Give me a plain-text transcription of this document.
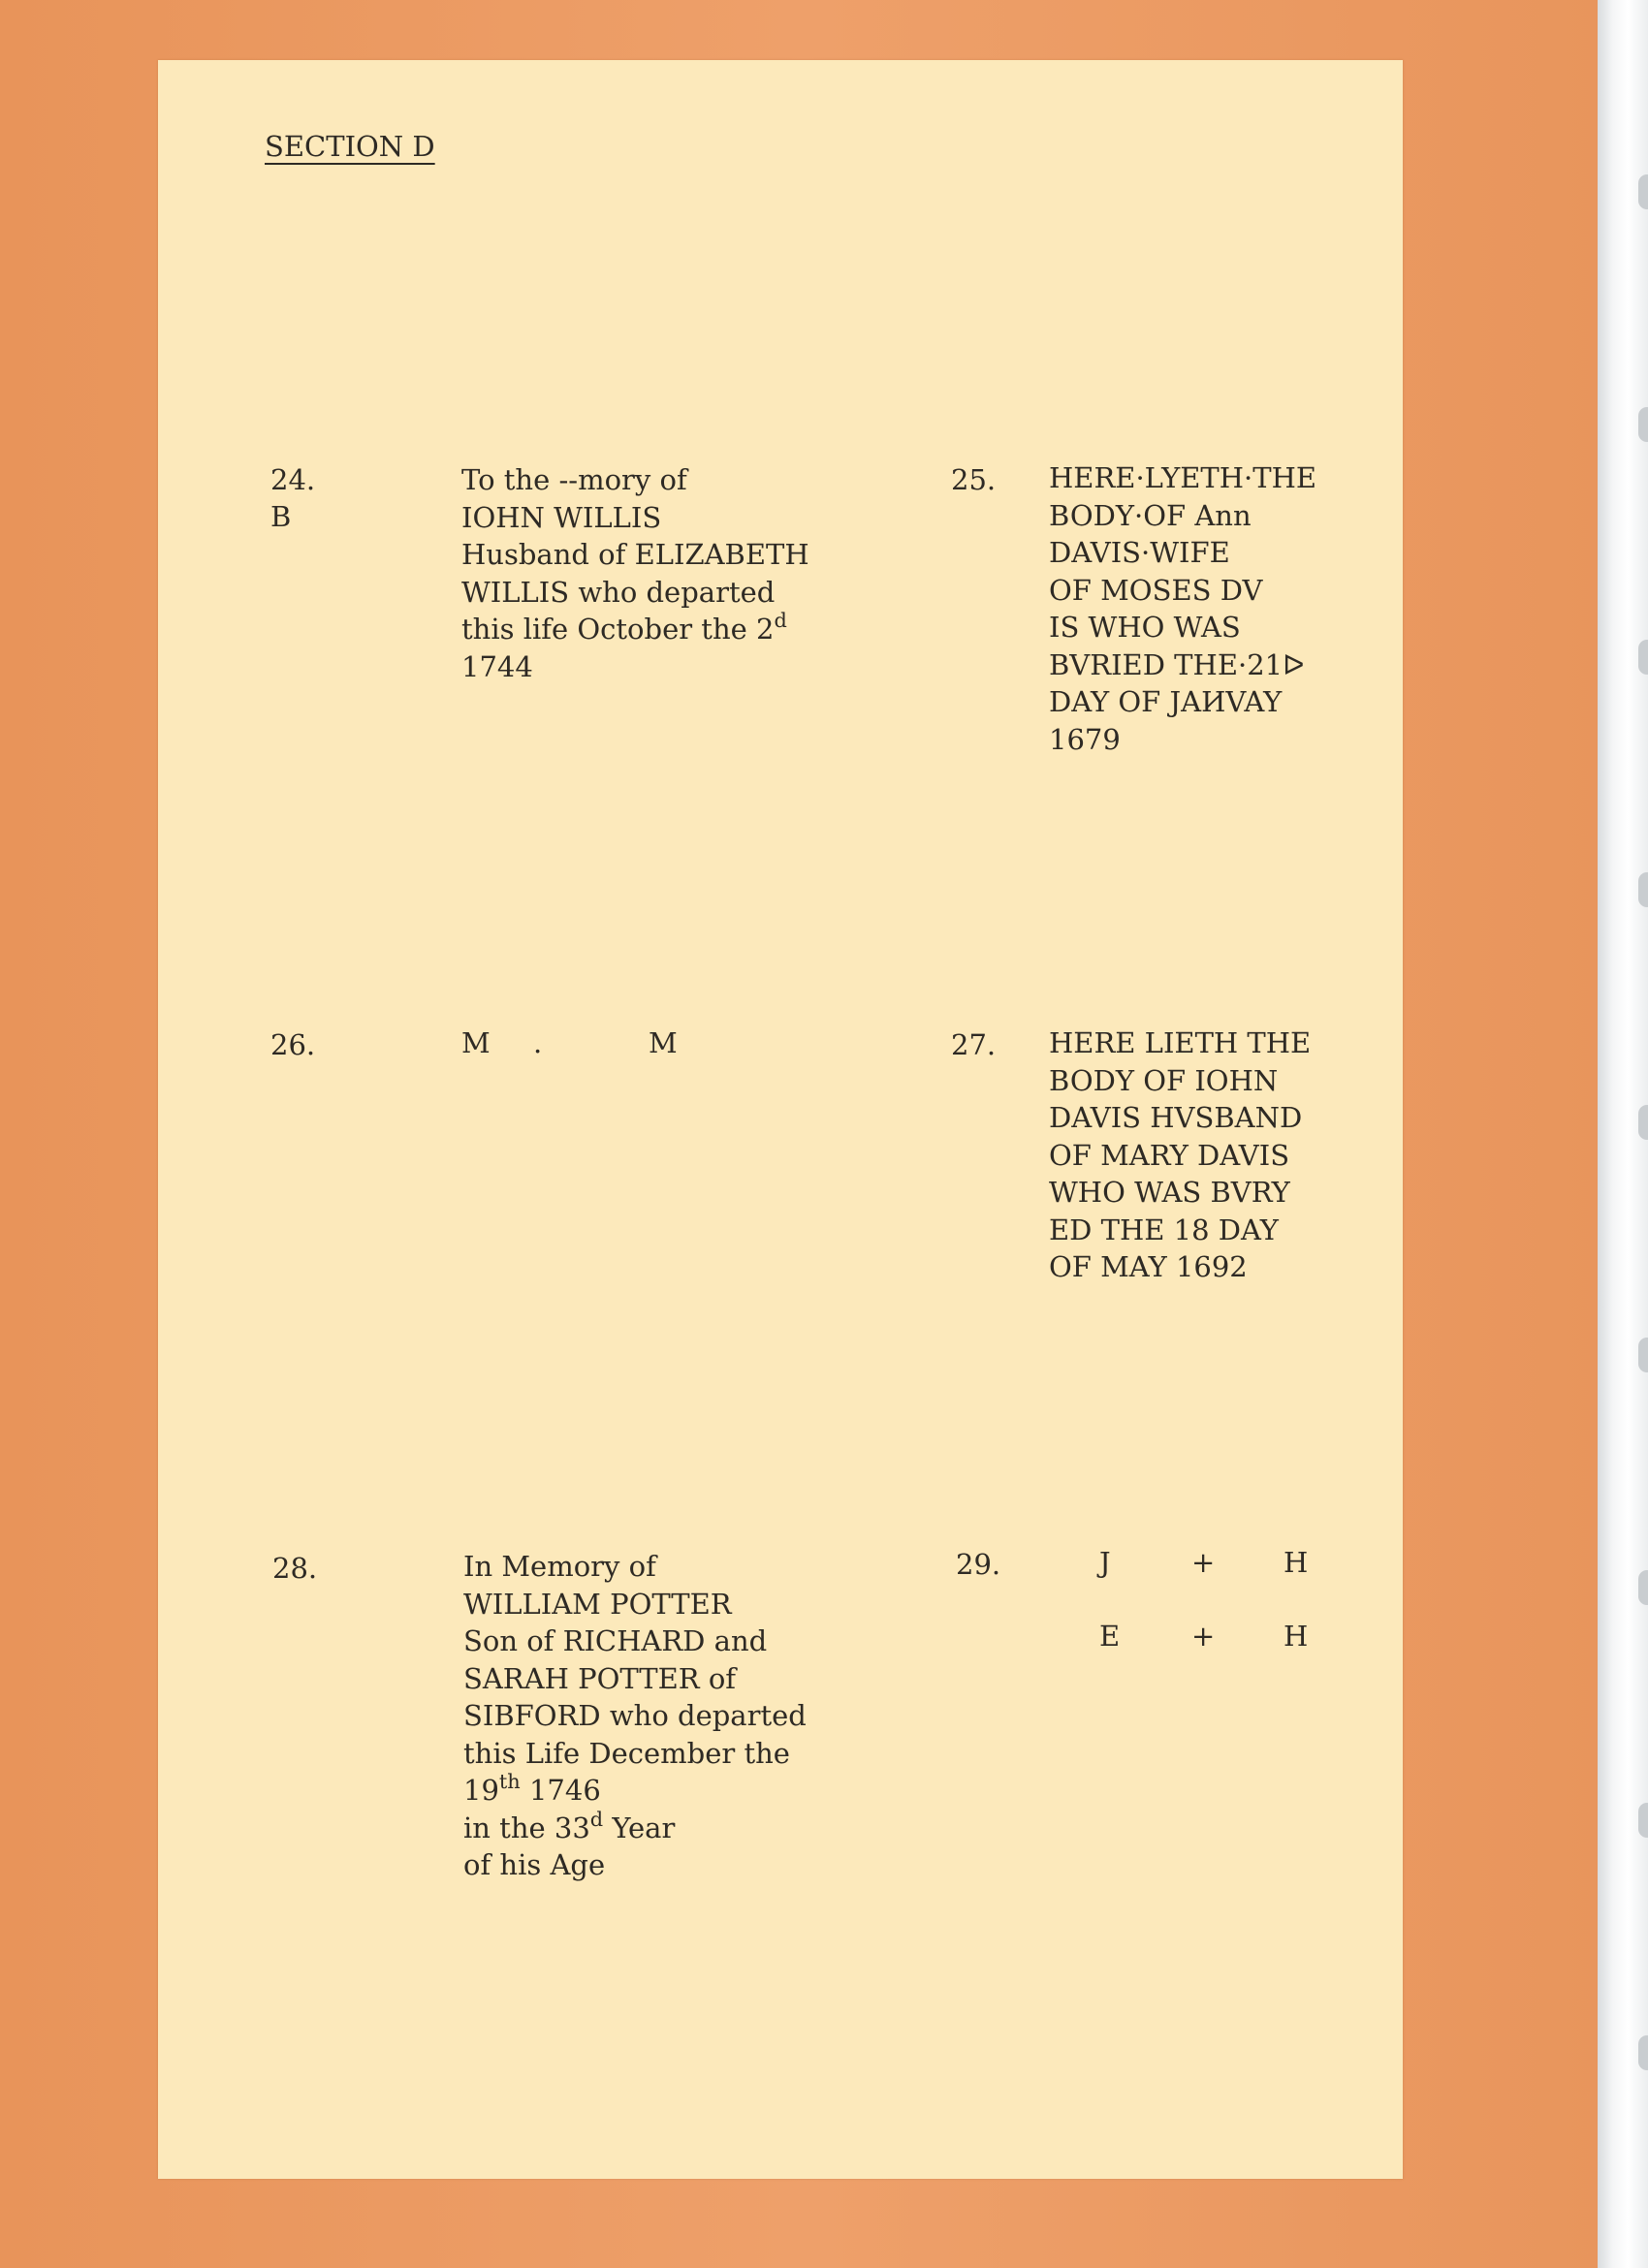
SECTION D

24.

B

To the --mory of
IOHN WILLIS
Husband of ELIZABETH
WILLIS who departed
this life October the 2$^d$
1744

25. HERE·LYETH·THE
BODY·OF Ann
DAVIS·WIFE
OF MOSES DV
IS WHO WAS
BVRIED THE·21ᐅ
DAY OF JAИVAY
1679

26.	M .	M	27. HERE LIETH THE
BODY OF IOHN
DAVIS HVSBAND
OF MARY DAVIS
WHO WAS BVRY
ED THE 18 DAY
OF MAY 1692

28.	In Memory of
WILLIAM POTTER
Son of RICHARD and
SARAH POTTER of
SIBFORD who departed
this Life December the
19th 1746
in the 33$^d$ Year
of his Age

29.	J	+ H
E	+ H
